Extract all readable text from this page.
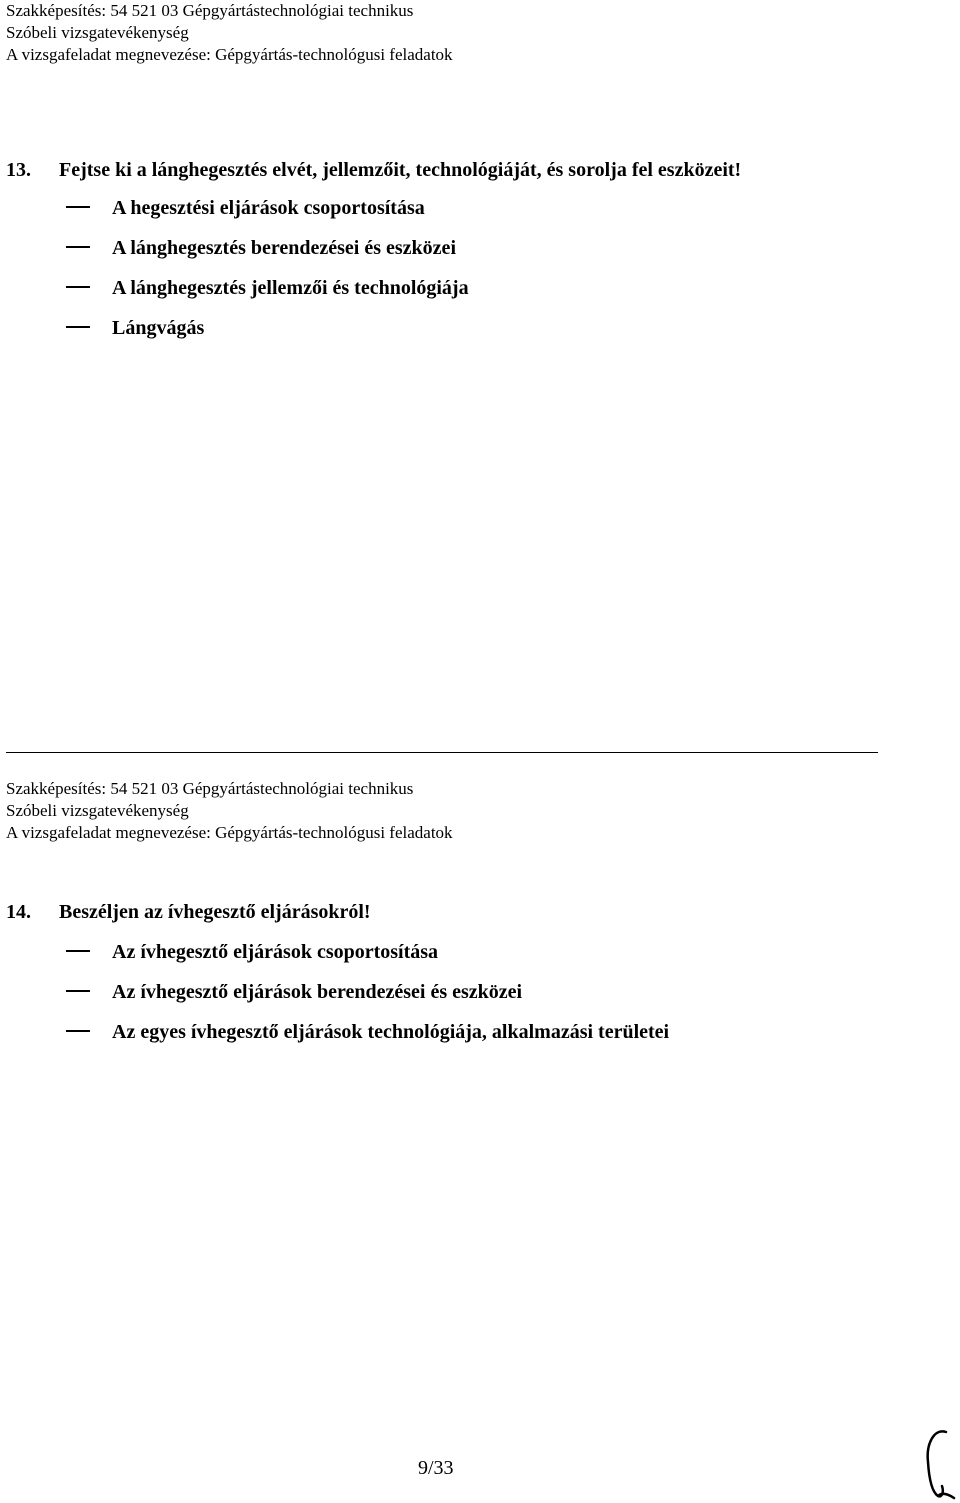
Szakképesítés: 54 521 03 Gépgyártástechnológiai technikus
Szóbeli vizsgatevékenység
A vizsgafeladat megnevezése: Gépgyártás-technológusi feladatok
13. Fejtse ki a lánghegesztés elvét, jellemzőit, technológiáját, és sorolja fel eszközeit!
A hegesztési eljárások csoportosítása
A lánghegesztés berendezései és eszközei
A lánghegesztés jellemzői és technológiája
Lángvágás
Szakképesítés: 54 521 03 Gépgyártástechnológiai technikus
Szóbeli vizsgatevékenység
A vizsgafeladat megnevezése: Gépgyártás-technológusi feladatok
14. Beszéljen az ívhegesztő eljárásokról!
Az ívhegesztő eljárások csoportosítása
Az ívhegesztő eljárások berendezései és eszközei
Az egyes ívhegesztő eljárások technológiája, alkalmazási területei
9/33
